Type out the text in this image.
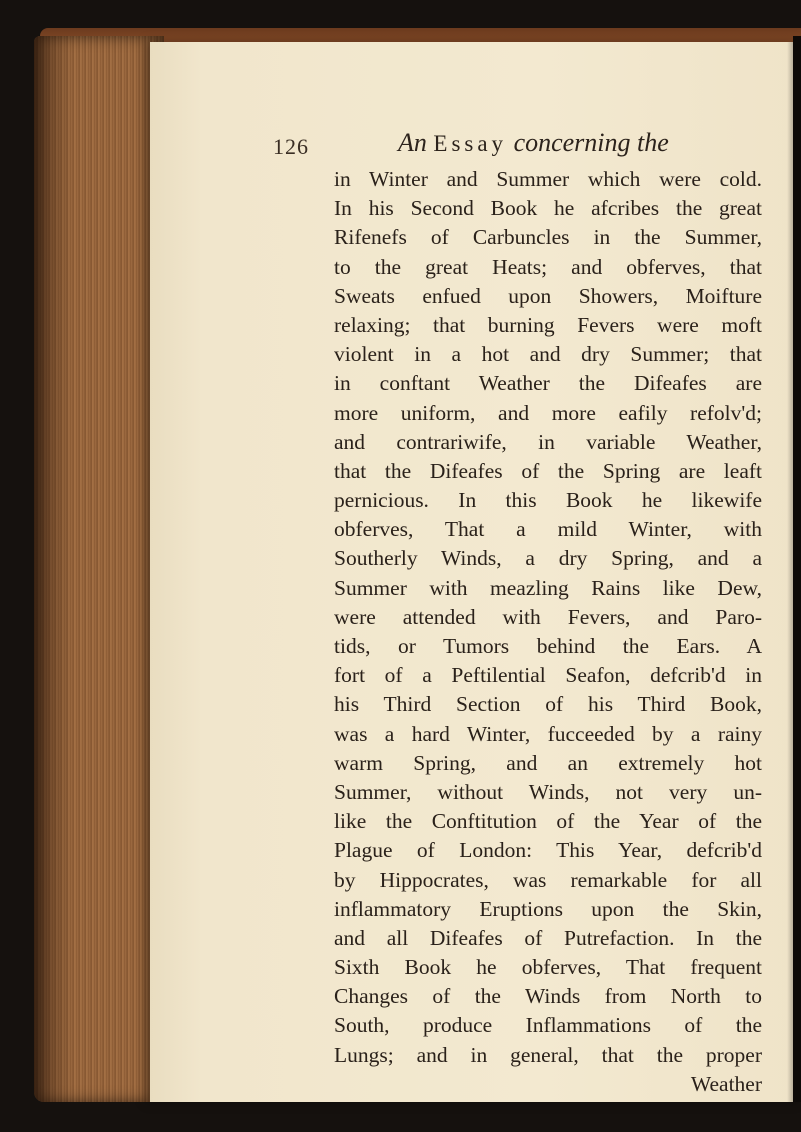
126	An Essay concerning the
in Winter and Summer which were cold.
In his Second Book he afcribes the great
Rifenefs of Carbuncles in the Summer,
to the great Heats; and obferves, that
Sweats enfued upon Showers, Moifture
relaxing; that burning Fevers were moft
violent in a hot and dry Summer; that
in conftant Weather the Difeafes are
more uniform, and more eafily refolv'd;
and contrariwife, in variable Weather,
that the Difeafes of the Spring are leaft
pernicious. In this Book he likewife
obferves, That a mild Winter, with
Southerly Winds, a dry Spring, and a
Summer with meazling Rains like Dew,
were attended with Fevers, and Paro-
tids, or Tumors behind the Ears. A
fort of a Peftilential Seafon, defcrib'd in
his Third Section of his Third Book,
was a hard Winter, fucceeded by a rainy
warm Spring, and an extremely hot
Summer, without Winds, not very un-
like the Conftitution of the Year of the
Plague of London: This Year, defcrib'd
by Hippocrates, was remarkable for all
inflammatory Eruptions upon the Skin,
and all Difeafes of Putrefaction. In the
Sixth Book he obferves, That frequent
Changes of the Winds from North to
South, produce Inflammations of the
Lungs; and in general, that the proper
Weather
